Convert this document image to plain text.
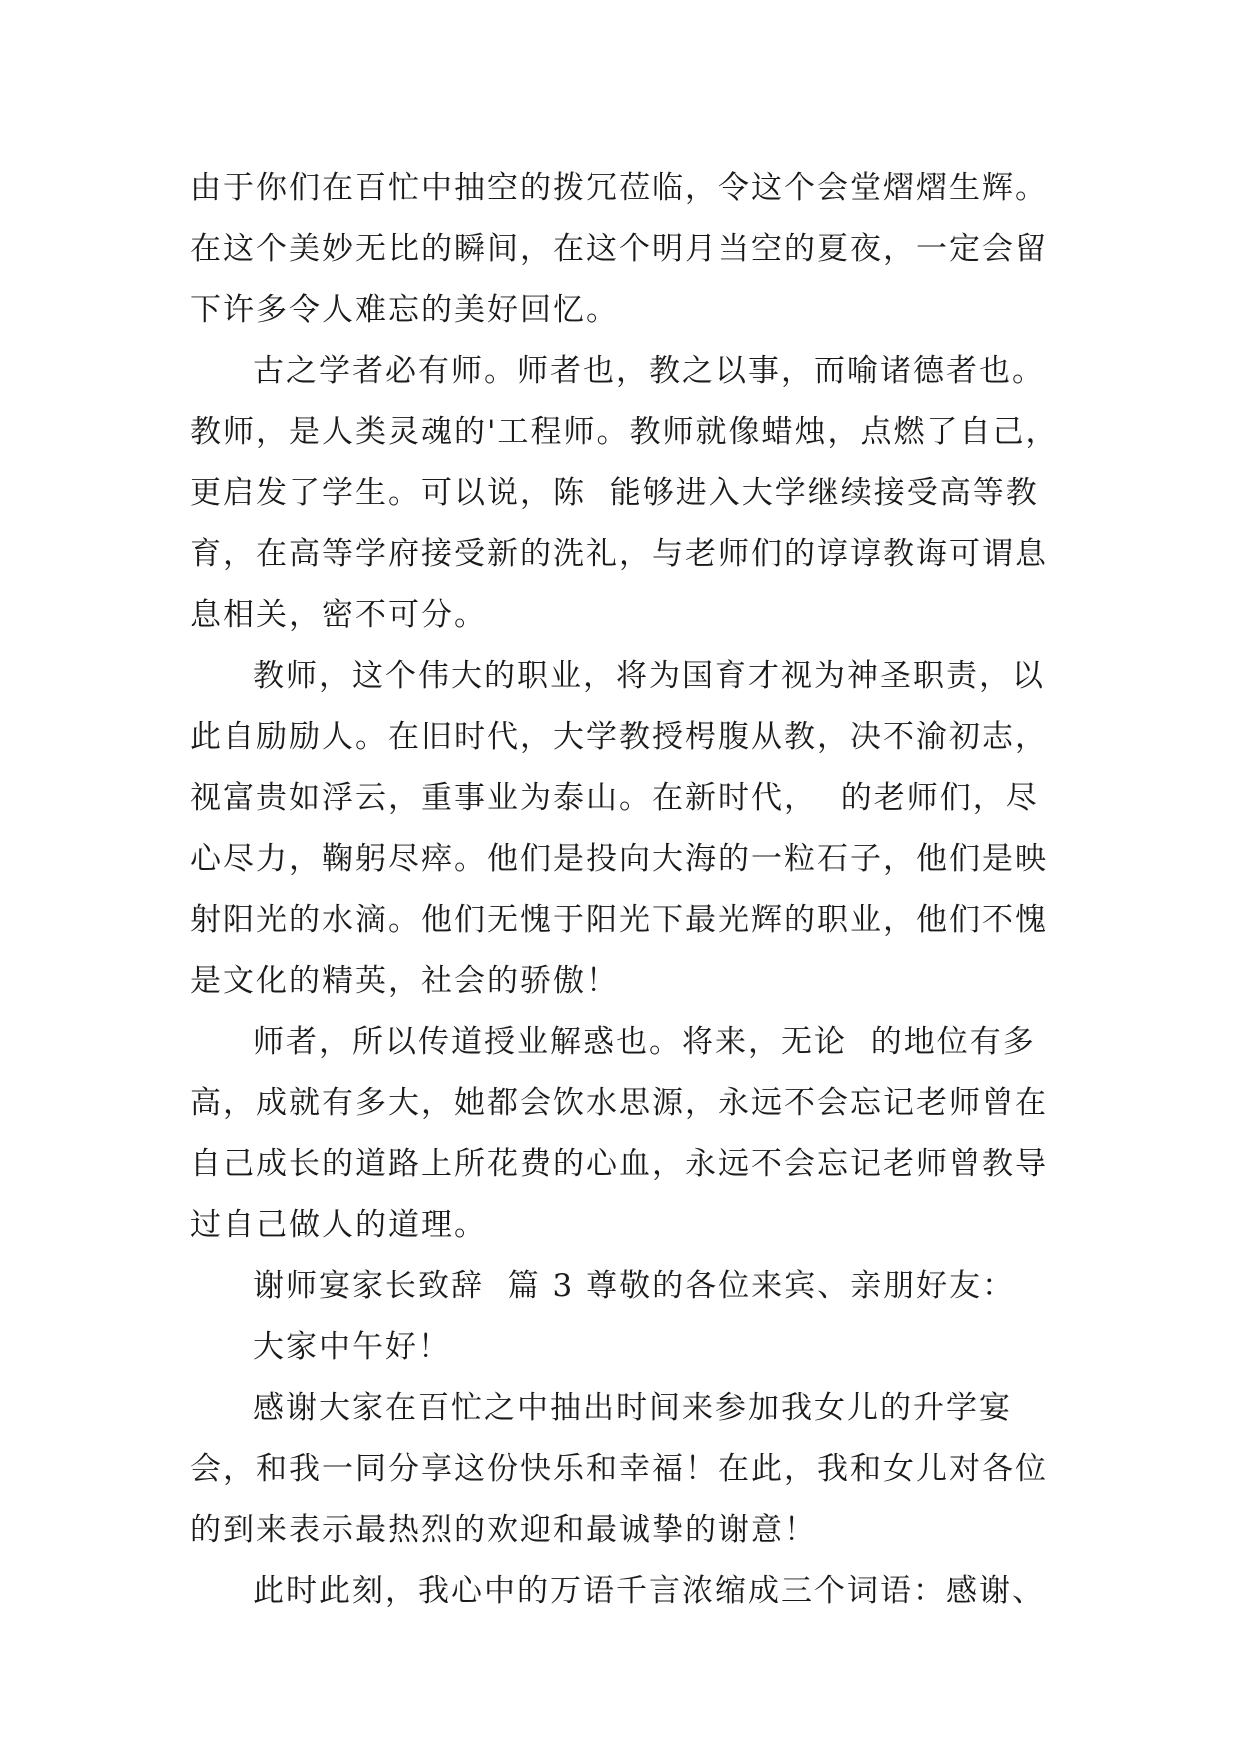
由于你们在百忙中抽空的拨冗莅临，令这个会堂熠熠生辉。
在这个美妙无比的瞬间，在这个明月当空的夏夜，一定会留
下许多令人难忘的美好回忆。
古之学者必有师。师者也，教之以事，而喻诸德者也。
教师，是人类灵魂的'工程师。教师就像蜡烛，点燃了自己，
更启发了学生。可以说，陈  能够进入大学继续接受高等教
育，在高等学府接受新的洗礼，与老师们的谆谆教诲可谓息
息相关，密不可分。
教师，这个伟大的职业，将为国育才视为神圣职责，以
此自励励人。在旧时代，大学教授枵腹从教，决不渝初志，
视富贵如浮云，重事业为泰山。在新时代，  的老师们，尽
心尽力，鞠躬尽瘁。他们是投向大海的一粒石子，他们是映
射阳光的水滴。他们无愧于阳光下最光辉的职业，他们不愧
是文化的精英，社会的骄傲！
师者，所以传道授业解惑也。将来，无论  的地位有多
高，成就有多大，她都会饮水思源，永远不会忘记老师曾在
自己成长的道路上所花费的心血，永远不会忘记老师曾教导
过自己做人的道理。
谢师宴家长致辞  篇 3 尊敬的各位来宾、亲朋好友：
大家中午好！
感谢大家在百忙之中抽出时间来参加我女儿的升学宴
会，和我一同分享这份快乐和幸福！在此，我和女儿对各位
的到来表示最热烈的欢迎和最诚挚的谢意！
此时此刻，我心中的万语千言浓缩成三个词语：感谢、
